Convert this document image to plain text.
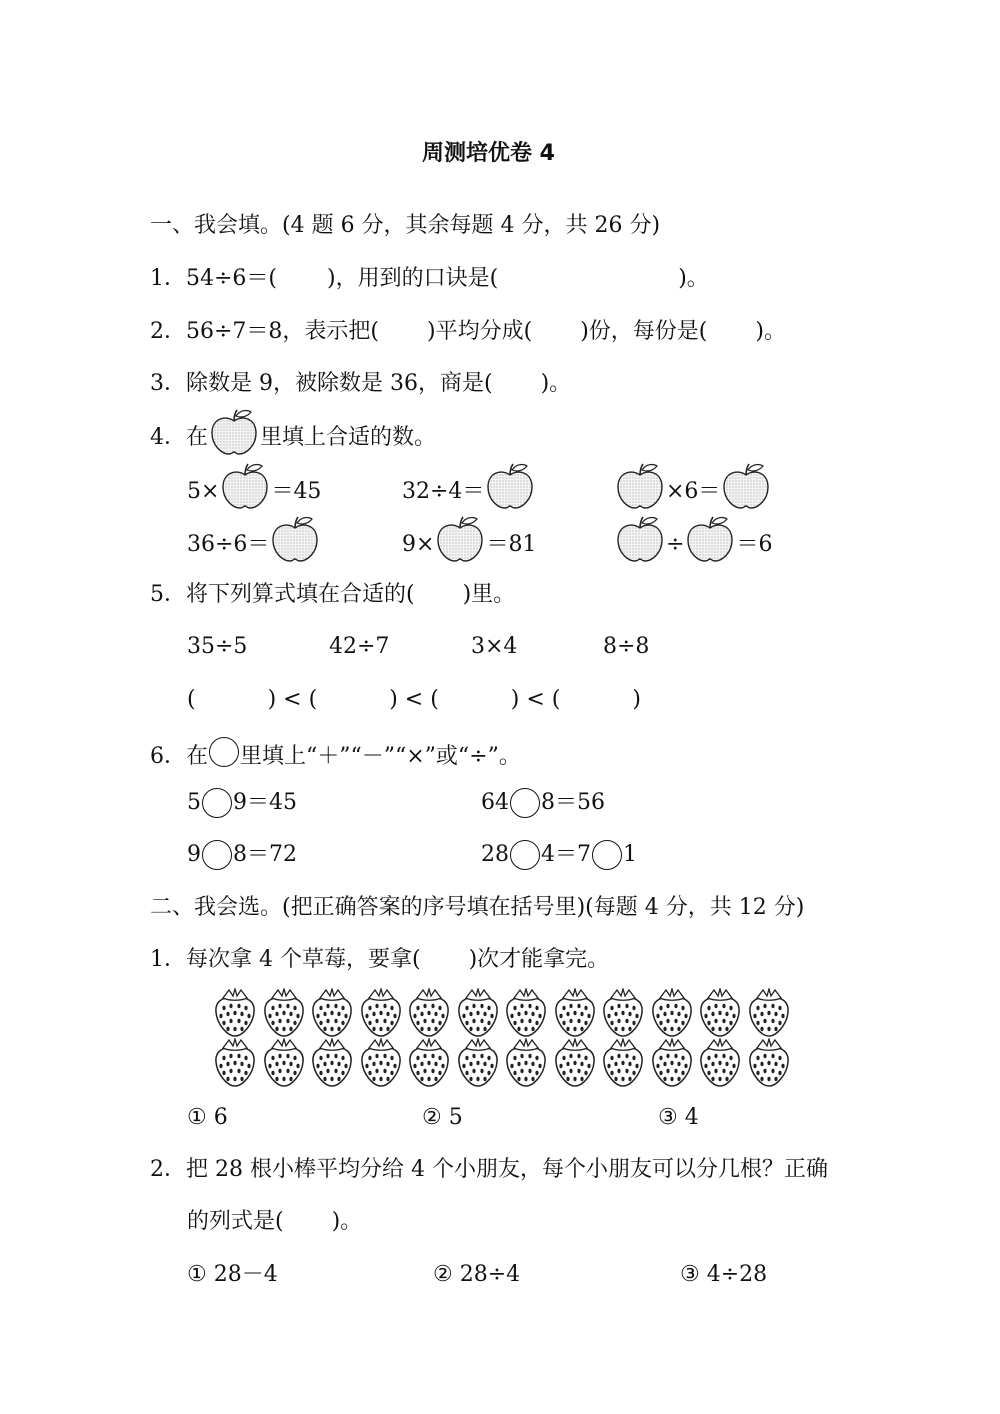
周测培优卷 4
一、我会填。(4 题 6 分，其余每题 4 分，共 26 分)
1．54÷6＝( )，用到的口诀是(	)。
2．56÷7＝8，表示把( )平均分成( )份，每份是( )。
3．除数是 9，被除数是 36，商是( )。
4．在 里填上合适的数。
5× ＝45	32÷4＝	×6＝
36÷6＝	9× ＝81	÷ ＝6
5．将下列算式填在合适的( )里。
35÷5	42÷7	3×4	8÷8
(	) < (	) < (	) < (	)
6．在 里填上“＋”“－”“×”或“÷”。
5 9＝45	64 8＝56
9 8＝72	28 4＝7 1
二、我会选。(把正确答案的序号填在括号里)(每题 4 分，共 12 分)
1．每次拿 4 个草莓，要拿( )次才能拿完。
① 6	② 5	③ 4
2．把 28 根小棒平均分给 4 个小朋友，每个小朋友可以分几根？正确
的列式是( )。
① 28－4	② 28÷4	③ 4÷28
